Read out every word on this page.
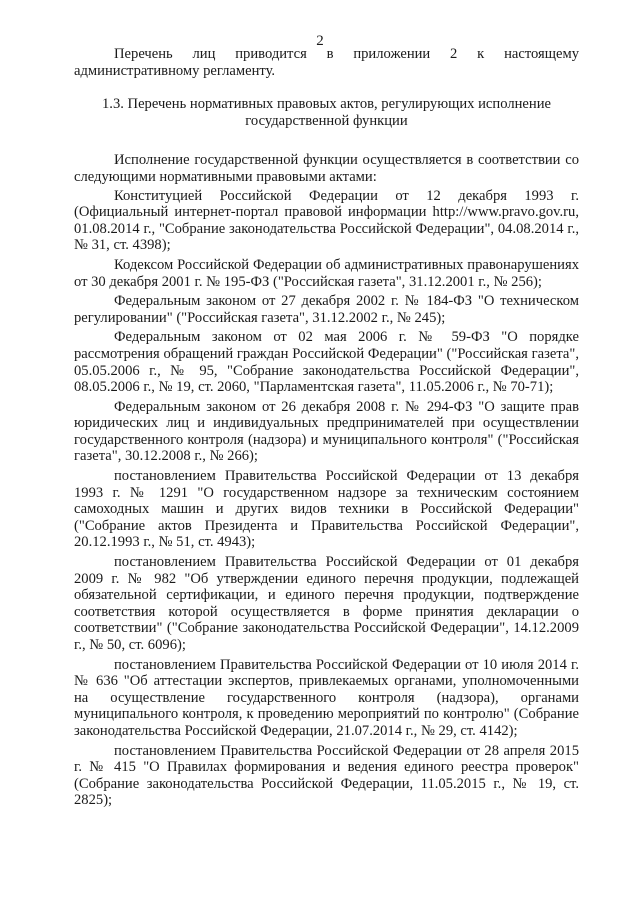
2

Перечень лиц приводится в приложении 2 к настоящему административному регламенту.

1.3. Перечень нормативных правовых актов, регулирующих исполнение государственной функции

Исполнение государственной функции осуществляется в соответствии со следующими нормативными правовыми актами:

Конституцией Российской Федерации от 12 декабря 1993 г. (Официальный интернет-портал правовой информации http://www.pravo.gov.ru, 01.08.2014 г., "Собрание законодательства Российской Федерации", 04.08.2014 г., № 31, ст. 4398);

Кодексом Российской Федерации об административных правонарушениях от 30 декабря 2001 г. № 195-ФЗ ("Российская газета", 31.12.2001 г., № 256);

Федеральным законом от 27 декабря 2002 г. № 184-ФЗ "О техническом регулировании" ("Российская газета", 31.12.2002 г., № 245);

Федеральным законом от 02 мая 2006 г. № 59-ФЗ "О порядке рассмотрения обращений граждан Российской Федерации" ("Российская газета", 05.05.2006 г., № 95, "Собрание законодательства Российской Федерации", 08.05.2006 г., № 19, ст. 2060, "Парламентская газета", 11.05.2006 г., № 70-71);

Федеральным законом от 26 декабря 2008 г. № 294-ФЗ "О защите прав юридических лиц и индивидуальных предпринимателей при осуществлении государственного контроля (надзора) и муниципального контроля" ("Российская газета", 30.12.2008 г., № 266);

постановлением Правительства Российской Федерации от 13 декабря 1993 г. № 1291 "О государственном надзоре за техническим состоянием самоходных машин и других видов техники в Российской Федерации" ("Собрание актов Президента и Правительства Российской Федерации", 20.12.1993 г., № 51, ст. 4943);

постановлением Правительства Российской Федерации от 01 декабря 2009 г. № 982 "Об утверждении единого перечня продукции, подлежащей обязательной сертификации, и единого перечня продукции, подтверждение соответствия которой осуществляется в форме принятия декларации о соответствии" ("Собрание законодательства Российской Федерации", 14.12.2009 г., № 50, ст. 6096);

постановлением Правительства Российской Федерации от 10 июля 2014 г. № 636 "Об аттестации экспертов, привлекаемых органами, уполномоченными на осуществление государственного контроля (надзора), органами муниципального контроля, к проведению мероприятий по контролю" (Собрание законодательства Российской Федерации, 21.07.2014 г., № 29, ст. 4142);

постановлением Правительства Российской Федерации от 28 апреля 2015 г. № 415 "О Правилах формирования и ведения единого реестра проверок" (Собрание законодательства Российской Федерации, 11.05.2015 г., № 19, ст. 2825);
